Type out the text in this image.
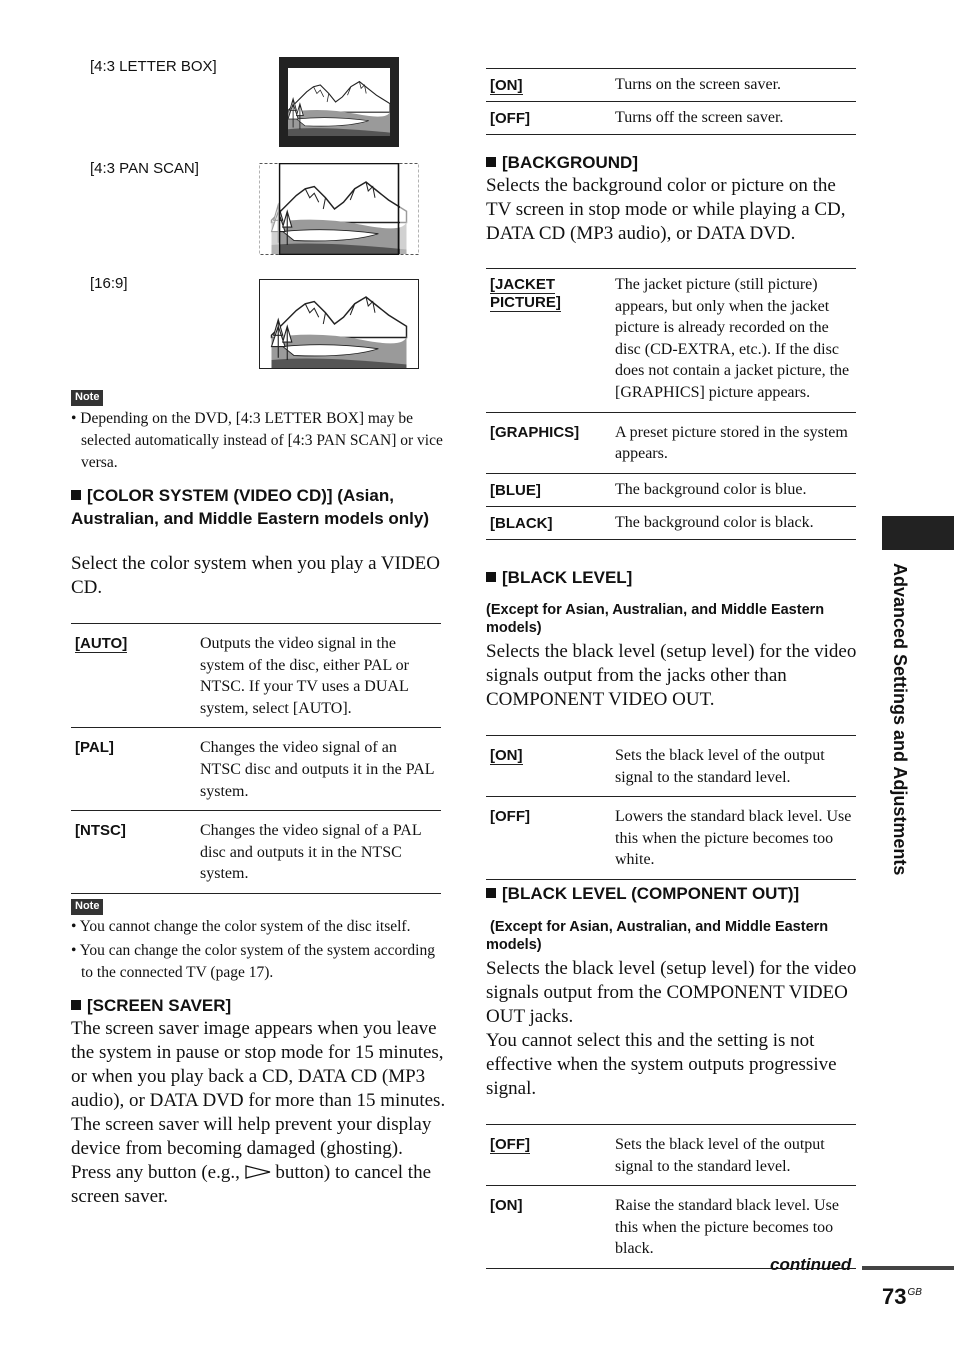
[4:3 LETTER BOX]
[4:3 PAN SCAN]
[16:9]
Note
• Depending on the DVD, [4:3 LETTER BOX] may be selected automatically instead of [4:3 PAN SCAN] or vice versa.
[COLOR SYSTEM (VIDEO CD)] (Asian, Australian, and Middle Eastern models only)
Select the color system when you play a VIDEO CD.
[AUTO]	Outputs the video signal in the system of the disc, either PAL or NTSC. If your TV uses a DUAL system, select [AUTO].
[PAL]	Changes the video signal of an NTSC disc and outputs it in the PAL system.
[NTSC]	Changes the video signal of a PAL disc and outputs it in the NTSC system.
Note
• You cannot change the color system of the disc itself.
• You can change the color system of the system according to the connected TV (page 17).
[SCREEN SAVER]
The screen saver image appears when you leave the system in pause or stop mode for 15 minutes, or when you play back a CD, DATA CD (MP3 audio), or DATA DVD for more than 15 minutes. The screen saver will help prevent your display device from becoming damaged (ghosting). Press any button (e.g., button) to cancel the screen saver.
[ON]	Turns on the screen saver.
[OFF]	Turns off the screen saver.
[BACKGROUND]
Selects the background color or picture on the TV screen in stop mode or while playing a CD, DATA CD (MP3 audio), or DATA DVD.
[JACKET PICTURE]	The jacket picture (still picture) appears, but only when the jacket picture is already recorded on the disc (CD-EXTRA, etc.). If the disc does not contain a jacket picture, the [GRAPHICS] picture appears.
[GRAPHICS]	A preset picture stored in the system appears.
[BLUE]	The background color is blue.
[BLACK]	The background color is black.
[BLACK LEVEL]
(Except for Asian, Australian, and Middle Eastern models)
Selects the black level (setup level) for the video signals output from the jacks other than COMPONENT VIDEO OUT.
[ON]	Sets the black level of the output signal to the standard level.
[OFF]	Lowers the standard black level. Use this when the picture becomes too white.
[BLACK LEVEL (COMPONENT OUT)]
(Except for Asian, Australian, and Middle Eastern models)
Selects the black level (setup level) for the video signals output from the COMPONENT VIDEO OUT jacks.
You cannot select this and the setting is not effective when the system outputs progressive signal.
[OFF]	Sets the black level of the output signal to the standard level.
[ON]	Raise the standard black level. Use this when the picture becomes too black.
Advanced Settings and Adjustments
continued
$73^{GB}$
